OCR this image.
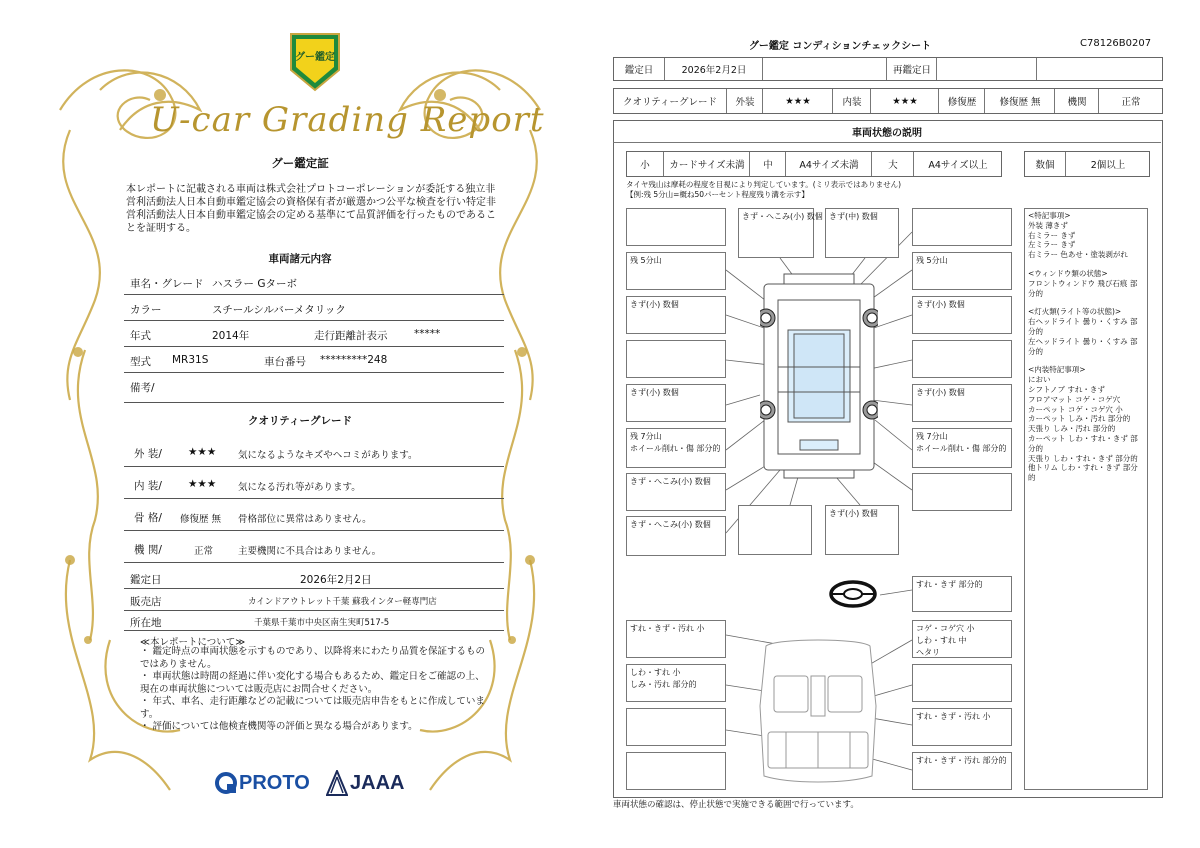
グー鑑定
U-car Grading Report
グー鑑定証
本レポートに記載される車両は株式会社プロトコーポレーションが委託する独立非営利活動法人日本自動車鑑定協会の資格保有者が厳選かつ公平な検査を行い特定非営利活動法人日本自動車鑑定協会の定める基準にて品質評価を行ったものであることを証明する。
車両諸元内容
車名・グレード ハスラー Gターボ
カラー	スチールシルバーメタリック
年式	2014年	走行距離計表示	*****
型式 MR31S	車台番号 *********248
備考/
クオリティーグレード
外 装/ ★★★ 気になるようなキズやヘコミがあります。
内 装/ ★★★ 気になる汚れ等があります。
骨 格/ 修復歴 無 骨格部位に異常はありません。
機 関/	正常	主要機関に不具合はありません。
鑑定日	2026年2月2日
販売店	カインドアウトレット千葉 蘇我インター軽専門店
所在地	千葉県千葉市中央区南生実町517-5
≪本レポートについて≫
・ 鑑定時点の車両状態を示すものであり、以降将来にわたり品質を保証するものではありません。
・ 車両状態は時間の経過に伴い変化する場合もあるため、鑑定日をご確認の上、現在の車両状態については販売店にお問合せください。
・ 年式、車名、走行距離などの記載については販売店申告をもとに作成しています。
・ 評価については他検査機関等の評価と異なる場合があります。
PROTO JAAA
グー鑑定 コンディションチェックシート	C78126B0207
鑑定日	2026年2月2日	再鑑定日
クオリティーグレード	外装	★★★	内装	★★★	修復歴	修復歴 無	機関	正常
車両状態の説明
小	カードサイズ未満	中	A4サイズ未満	大	A4サイズ以上	数個	2個以上
タイヤ残山は摩耗の程度を目視により判定しています。(ミリ表示ではありません)
【例:残 5分山=概ね50パーセント程度残り溝を示す】
きず・へこみ(小) 数個 きず(中) 数個
残 5分山	残 5分山
きず(小) 数個	きず(小) 数個
きず(小) 数個	きず(小) 数個
残 7分山
ホイール削れ・傷 部分的
残 7分山
ホイール削れ・傷 部分的
きず・へこみ(小) 数個
きず・へこみ(小) 数個
きず(小) 数個
すれ・きず 部分的
すれ・きず・汚れ 小	コゲ・コゲ穴 小
しわ・すれ 中
ヘタリ
しわ・すれ 小
しみ・汚れ 部分的
すれ・きず・汚れ 小
すれ・きず・汚れ 部分的
<特記事項>
外装 薄きず
右ミラー きず
左ミラー きず
右ミラー 色あせ・塗装剥がれ
<ウィンドウ類の状態>
フロントウィンドウ 飛び石痕 部分的
<灯火類(ライト等の状態)>
右ヘッドライト 曇り・くすみ 部分的
左ヘッドライト 曇り・くすみ 部分的
<内装特記事項>
におい
シフトノブ すれ・きず
フロアマット コゲ・コゲ穴
カーペット コゲ・コゲ穴 小
カーペット しみ・汚れ 部分的
天張り しみ・汚れ 部分的
カーペット しわ・すれ・きず 部分的
天張り しわ・すれ・きず 部分的
他トリム しわ・すれ・きず 部分的
車両状態の確認は、停止状態で実施できる範囲で行っています。
